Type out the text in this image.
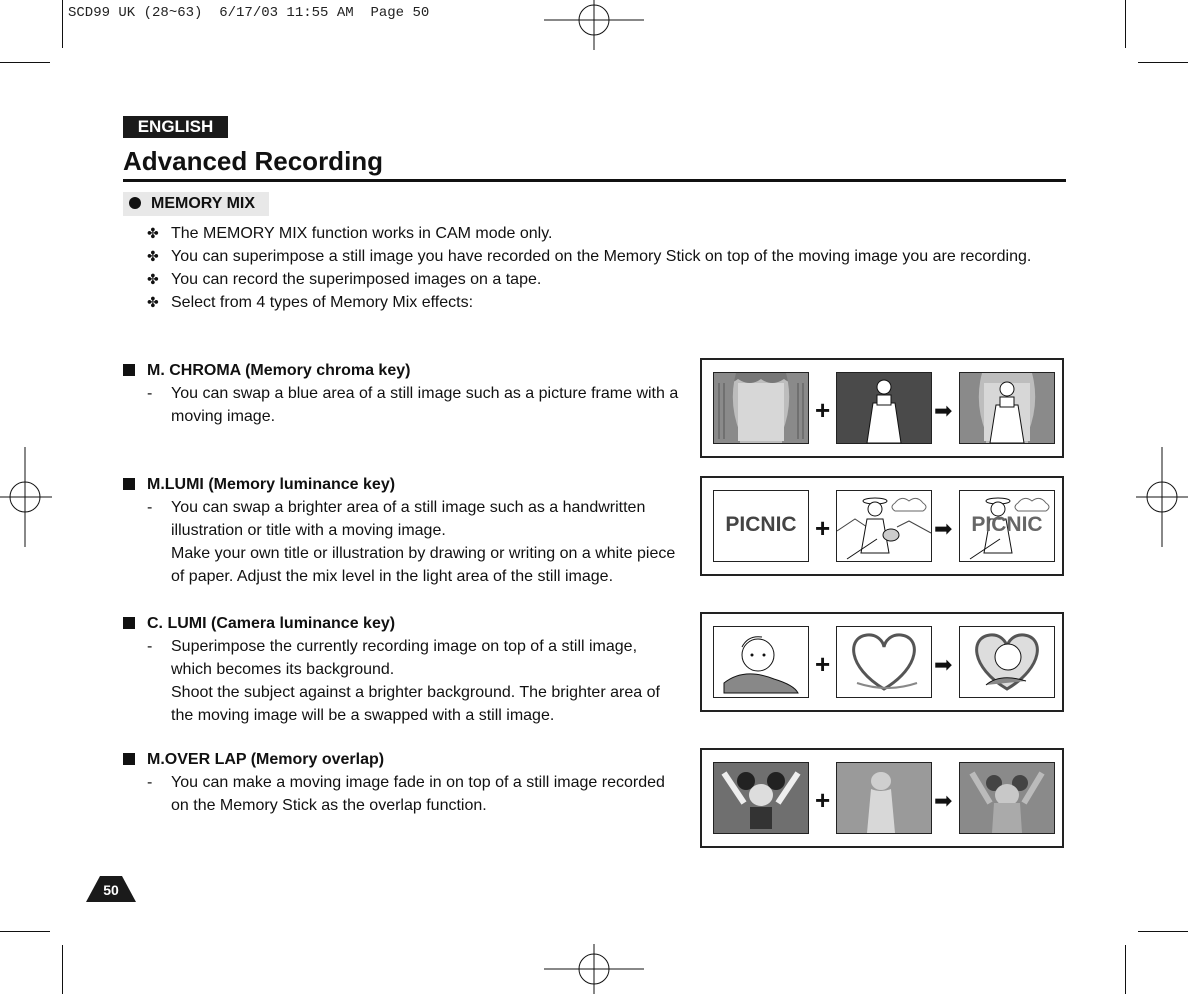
SCD99 UK (28~63)  6/17/03 11:55 AM  Page 50
ENGLISH
Advanced Recording
MEMORY MIX
✤ The MEMORY MIX function works in CAM mode only.
✤ You can superimpose a still image you have recorded on the Memory Stick on top of the moving image you are recording.
✤ You can record the superimposed images on a tape.
✤ Select from 4 types of Memory Mix effects:
M. CHROMA (Memory chroma key)
- You can swap a blue area of a still image such as a picture frame with a

moving image.

M.LUMI (Memory luminance key)
- You can swap a brighter area of a still image such as a handwritten

illustration or title with a moving image.

Make your own title or illustration by drawing or writing on a white piece

of paper. Adjust the mix level in the light area of the still image.

C. LUMI (Camera luminance key)
- Superimpose the currently recording image on top of a still image,

which becomes its background.

Shoot the subject against a brighter background. The brighter area of

the moving image will be a swapped with a still image.

M.OVER LAP (Memory overlap)
- You can make a moving image fade in on top of a still image recorded

on the Memory Stick as the overlap function.

+	➡
PICNIC +	➡ PICNIC
+	➡
+	➡
50
